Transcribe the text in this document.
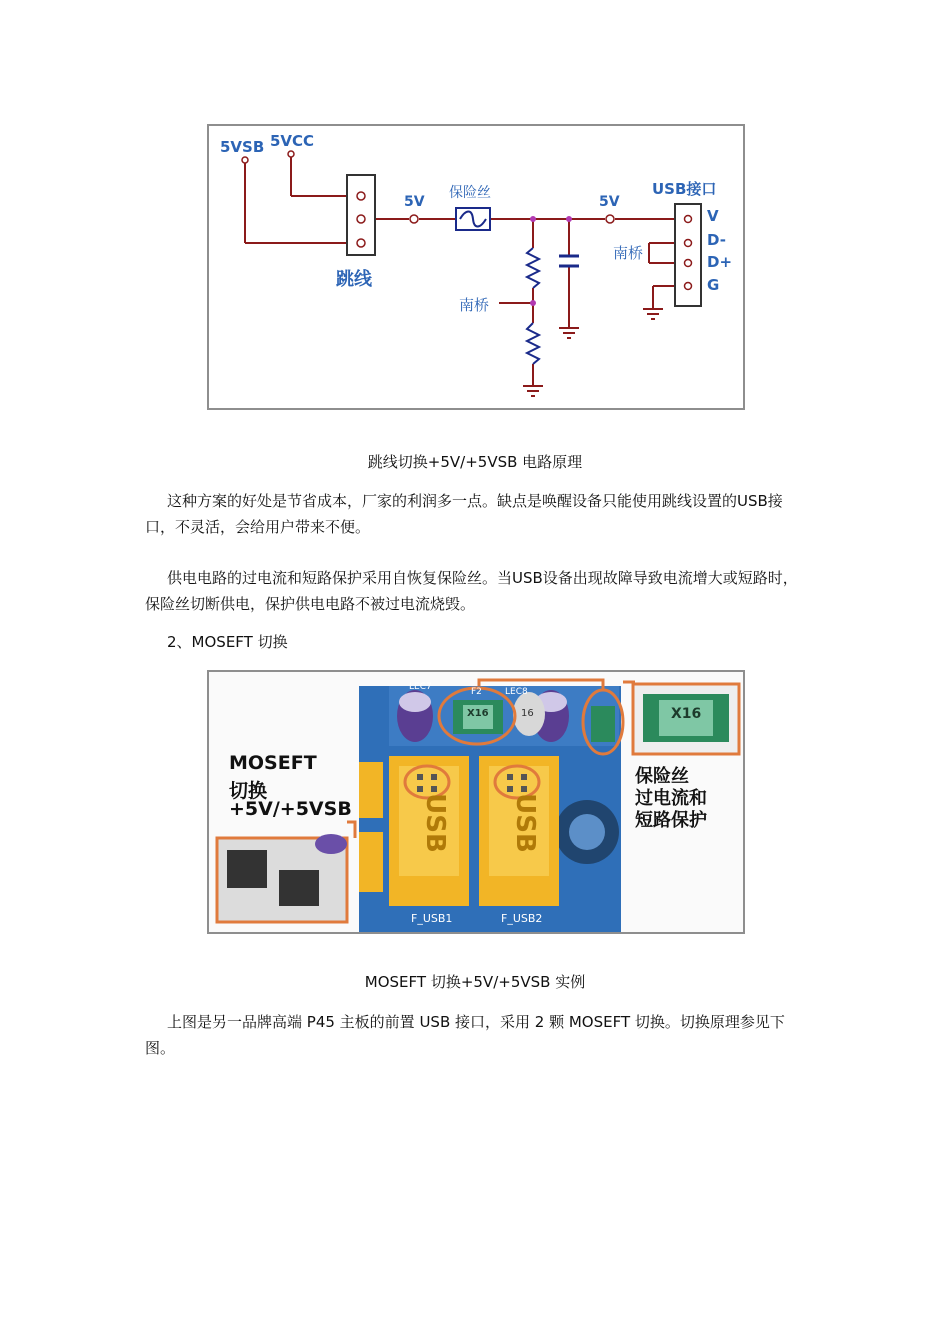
5VSB 5VCC
5V
保险丝
5V
USB接口
V
D-
D+
G
南桥
南桥
跳线
跳线切换+5V/+5VSB 电路原理
这种方案的好处是节省成本，厂家的利润多一点。缺点是唤醒设备只能使用跳线设置的USB接口，不灵活，会给用户带来不便。
供电电路的过电流和短路保护采用自恢复保险丝。当USB设备出现故障导致电流增大或短路时，保险丝切断供电，保护供电电路不被过电流烧毁。
2、MOSEFT 切换
MOSEFT
切换
+5V/+5VSB
保险丝
过电流和
短路保护
X16
X16
USB USB
F_USB1	F_USB2
F2	LEC8
LEC7
16
MOSEFT 切换+5V/+5VSB 实例
上图是另一品牌高端 P45 主板的前置 USB 接口，采用 2 颗 MOSEFT 切换。切换原理参见下图。
